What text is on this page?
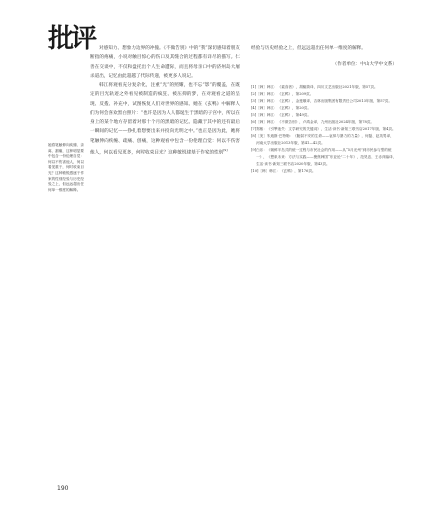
批评
她将笔触伸向疾缠、亲离、割痛，这种明显要中包含一份伦理自觉：何以不伤害他人，何以看见重于，何时收束目光？这种敏锐感逐于作家的性别经验与历史经验之上，但远远超出任何单一维度的解释。

对感知力、想象力边界的冲撞。《不做告别》中的“我”深切感知着朋友断指的疼痛，小说对触目惊心的伤口及其缝合的过程都有详尽的描写。仁善在交谈中，不仅和盘托出个人生命遭际，而且将母亲口中的济州岛大屠杀道出，记忆由此超越了代际传递，被更多人说记。

韩江将观看充分复杂化，注重“光”的照耀，也不忘“影”的覆盖，在既定的目光轨迹之外看见被制造的疯狂、被压抑的梦，在对观看之道的呈现、反拨、补充中，试图恢复人们对世界的感知。她在《玄鸭》中解释人们为何会喜欢黑白照片：“也许是因为人人都诞生于黑暗的子宫中，所以在身上的某个地方存留着对那十个月的黑暗的记忆。隐藏于其中的还有最后一瞬间的记忆——挣扎着想要出来并投向光明之中。”也正是因为此，她将笔触伸向疾缠、疏痛、创痛，这种观看中包含一份伦理自觉：何以不伤害他人，何以看见更多，何时收束目光？这种敏锐建基于作家的性别[9]

经验与历史经验之上，但远远超出任何单一维度的解释。

（作者单位：中山大学中文系）
[1] ［韩］韩江：《素食者》，胡椒筒译，四川文艺出版社2021年版，第57页。
[2] ［韩］韩江：《玄鸭》，第209页。
[3] ［韩］韩江：《玄鸭》，金莲顺译，吉林出版集团有限责任公司2013年版，第57页。
[4] ［韩］韩江：《玄鸭》，第20页。
[5] ［韩］韩江：《玄鸭》，第49页。
[6] ［韩］韩江：《不做告别》，卢鸿金译，九州出版社2024年版，第78页。
[7] 郑敏：《引擎迷失：文学研究的关键词》，生活·读书·新知三联书店2017年版，第4页。
[8] ［美］朱迪斯·巴特勒：《脆弱不安的生命——哀悼与暴力的力量》，何磊、赵英男译，河南大学出版社2013年版，第41—42页。
[9] 白乐：《朝鲜半岛式的统一过程与市民社会的作用——从“5月光州”到市民参与型的统一》，《想象未来：方法与实践——聚焦韩国“东亚论”二十年》，范昊忠、王赤萍编译，生活·读书·新知三联书店2020年版，第43页。
[10] ［韩］韩江：《玄鸭》，第176页。
190
